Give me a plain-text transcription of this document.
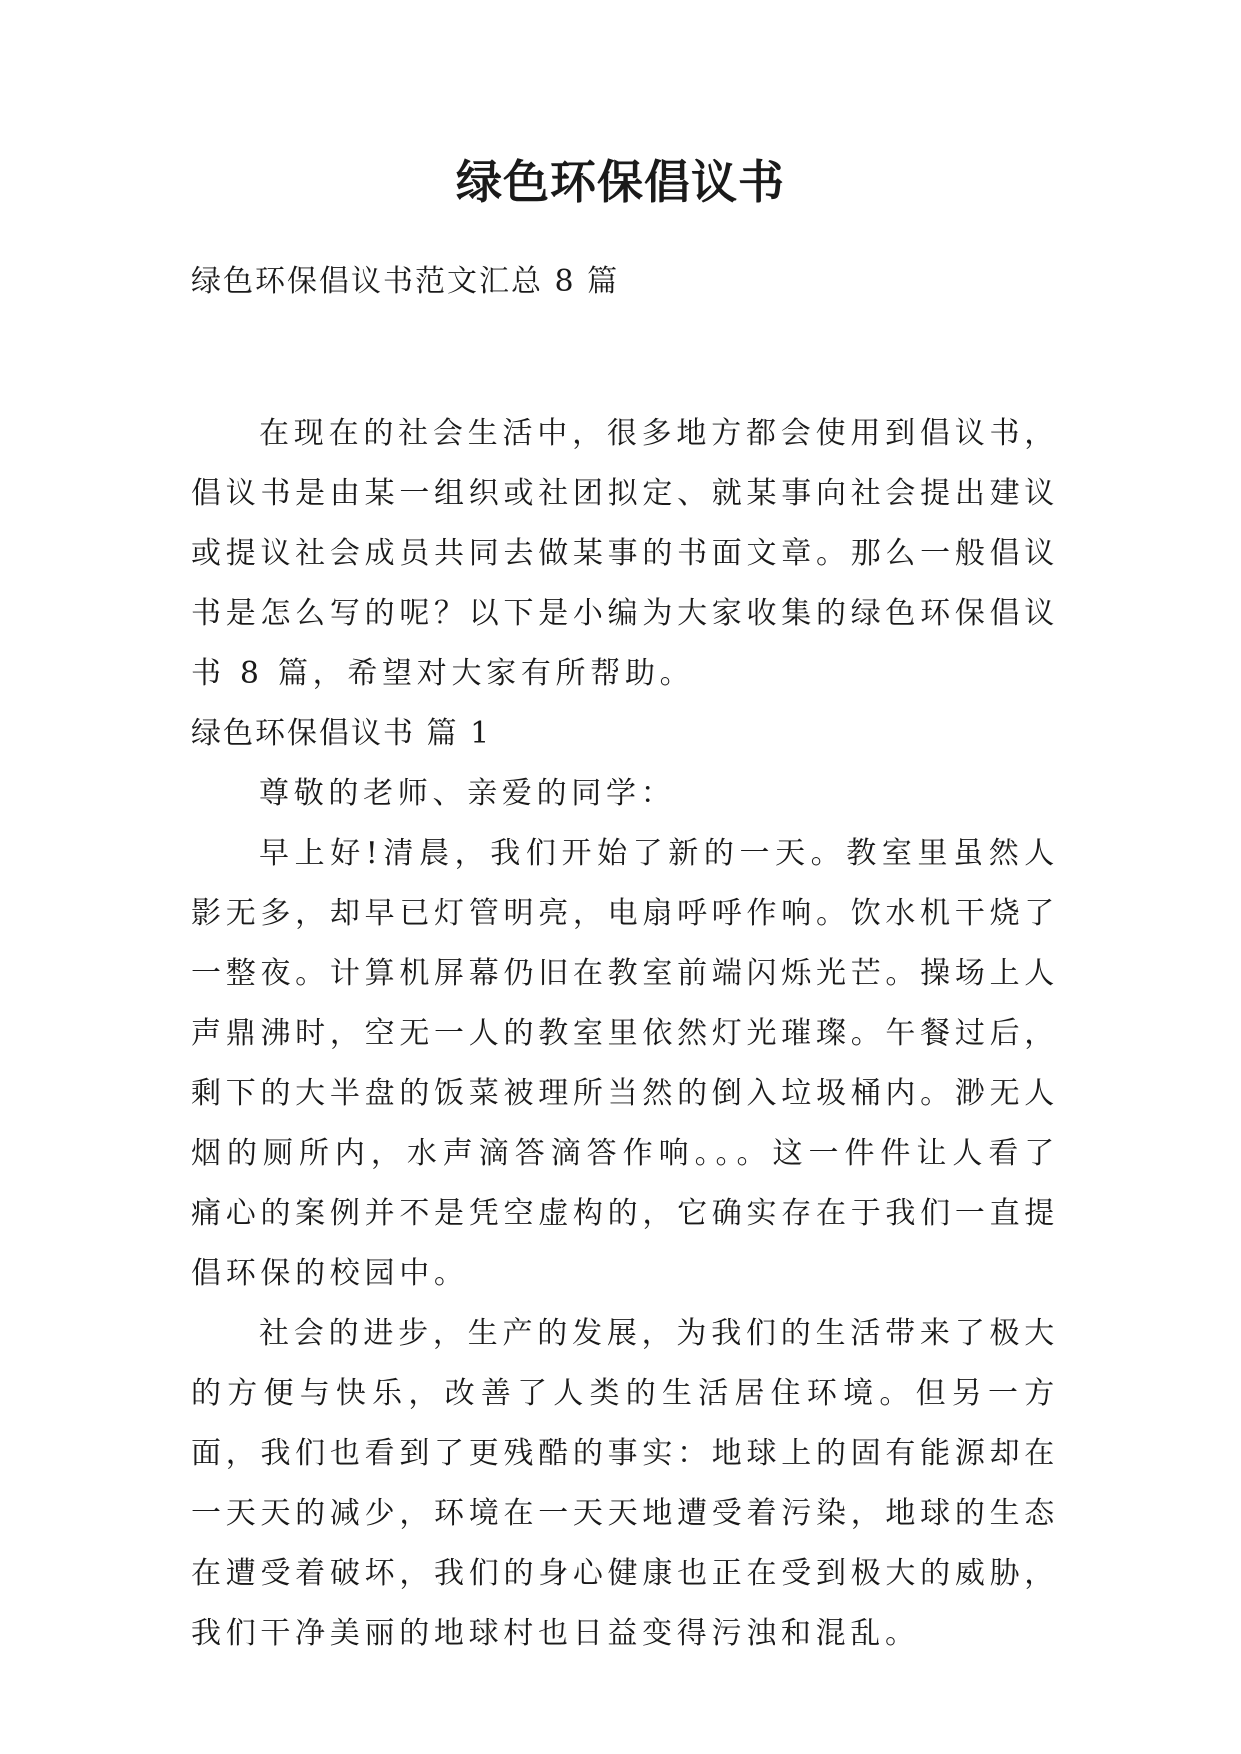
绿色环保倡议书

绿色环保倡议书范文汇总 8 篇

在现在的社会生活中，很多地方都会使用到倡议书，倡议书是由某一组织或社团拟定、就某事向社会提出建议或提议社会成员共同去做某事的书面文章。那么一般倡议书是怎么写的呢？以下是小编为大家收集的绿色环保倡议书 8 篇，希望对大家有所帮助。

绿色环保倡议书 篇 1

尊敬的老师、亲爱的同学：

早上好!清晨，我们开始了新的一天。教室里虽然人影无多，却早已灯管明亮，电扇呼呼作响。饮水机干烧了一整夜。计算机屏幕仍旧在教室前端闪烁光芒。操场上人声鼎沸时，空无一人的教室里依然灯光璀璨。午餐过后，剩下的大半盘的饭菜被理所当然的倒入垃圾桶内。渺无人烟的厕所内，水声滴答滴答作响。。。这一件件让人看了痛心的案例并不是凭空虚构的，它确实存在于我们一直提倡环保的校园中。

社会的进步，生产的发展，为我们的生活带来了极大的方便与快乐，改善了人类的生活居住环境。但另一方面，我们也看到了更残酷的事实：地球上的固有能源却在一天天的减少，环境在一天天地遭受着污染，地球的生态在遭受着破坏，我们的身心健康也正在受到极大的威胁，我们干净美丽的地球村也日益变得污浊和混乱。
